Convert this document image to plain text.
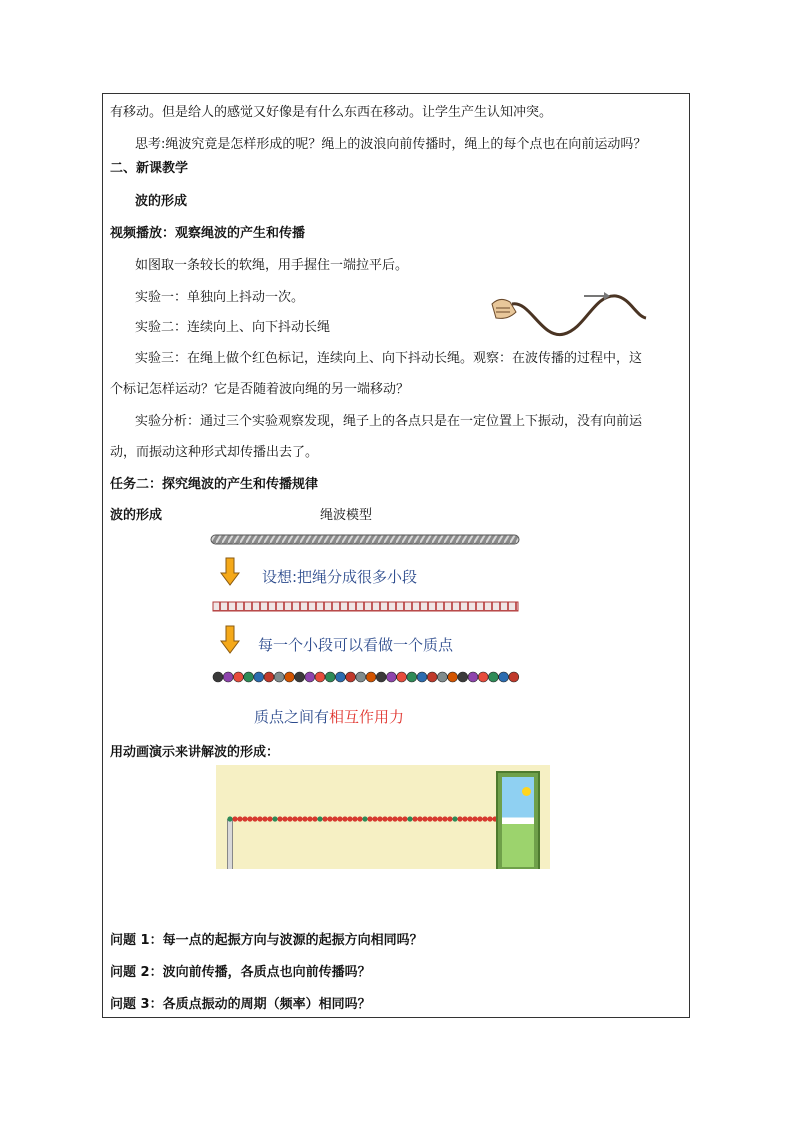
有移动。但是给人的感觉又好像是有什么东西在移动。让学生产生认知冲突。
思考:绳波究竟是怎样形成的呢？绳上的波浪向前传播时，绳上的每个点也在向前运动吗？
二、新课教学
波的形成
视频播放：观察绳波的产生和传播
如图取一条较长的软绳，用手握住一端拉平后。
实验一：单独向上抖动一次。
实验二：连续向上、向下抖动长绳
实验三：在绳上做个红色标记，连续向上、向下抖动长绳。观察：在波传播的过程中，这
个标记怎样运动？它是否随着波向绳的另一端移动？
实验分析：通过三个实验观察发现，绳子上的各点只是在一定位置上下振动，没有向前运
动，而振动这种形式却传播出去了。
任务二：探究绳波的产生和传播规律
波的形成	绳波模型
设想:把绳分成很多小段
每一个小段可以看做一个质点
质点之间有相互作用力
用动画演示来讲解波的形成：
问题 1：每一点的起振方向与波源的起振方向相同吗？
问题 2：波向前传播，各质点也向前传播吗？
问题 3：各质点振动的周期（频率）相同吗？
